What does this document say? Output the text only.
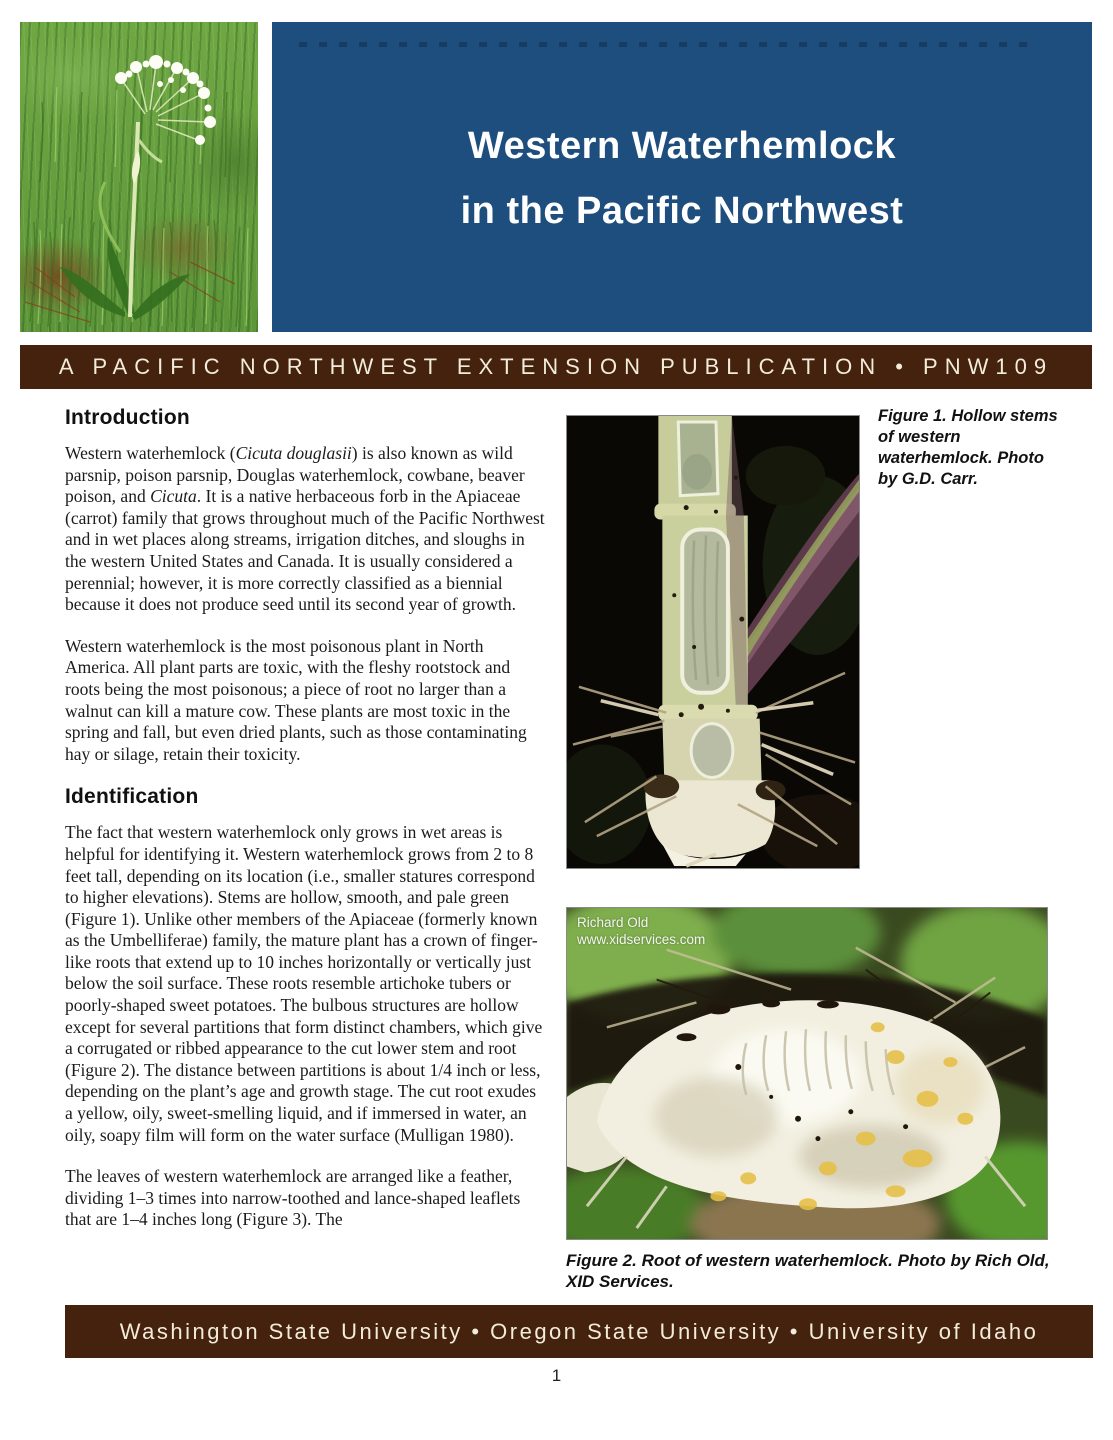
Western Waterhemlock
in the Pacific Northwest
A PACIFIC NORTHWEST EXTENSION PUBLICATION • PNW109
Introduction

Western waterhemlock (Cicuta douglasii) is also known as wild parsnip, poison parsnip, Douglas waterhemlock, cowbane, beaver poison, and Cicuta. It is a native herbaceous forb in the Apiaceae (carrot) family that grows throughout much of the Pacific Northwest and in wet places along streams, irrigation ditches, and sloughs in the western United States and Canada. It is usually considered a perennial; however, it is more correctly classified as a biennial because it does not produce seed until its second year of growth.

Western waterhemlock is the most poisonous plant in North America. All plant parts are toxic, with the fleshy rootstock and roots being the most poisonous; a piece of root no larger than a walnut can kill a mature cow. These plants are most toxic in the spring and fall, but even dried plants, such as those contaminating hay or silage, retain their toxicity.

Identification

The fact that western waterhemlock only grows in wet areas is helpful for identifying it. Western waterhemlock grows from 2 to 8 feet tall, depending on its location (i.e., smaller statures correspond to higher elevations). Stems are hollow, smooth, and pale green (Figure 1). Unlike other members of the Apiaceae (formerly known as the Umbelliferae) family, the mature plant has a crown of finger-like roots that extend up to 10 inches horizontally or vertically just below the soil surface. These roots resemble artichoke tubers or poorly-shaped sweet potatoes. The bulbous structures are hollow except for several partitions that form distinct chambers, which give a corrugated or ribbed appearance to the cut lower stem and root (Figure 2). The distance between partitions is about 1/4 inch or less, depending on the plant’s age and growth stage. The cut root exudes a yellow, oily, sweet-smelling liquid, and if immersed in water, an oily, soapy film will form on the water surface (Mulligan 1980).

The leaves of western waterhemlock are arranged like a feather, dividing 1–3 times into narrow-toothed and lance-shaped leaflets that are 1–4 inches long (Figure 3). The

Figure 1. Hollow stems of western waterhemlock. Photo by G.D. Carr.
Richard Old
www.xidservices.com
Figure 2. Root of western waterhemlock. Photo by Rich Old, XID Services.
Washington State University • Oregon State University • University of Idaho
1
